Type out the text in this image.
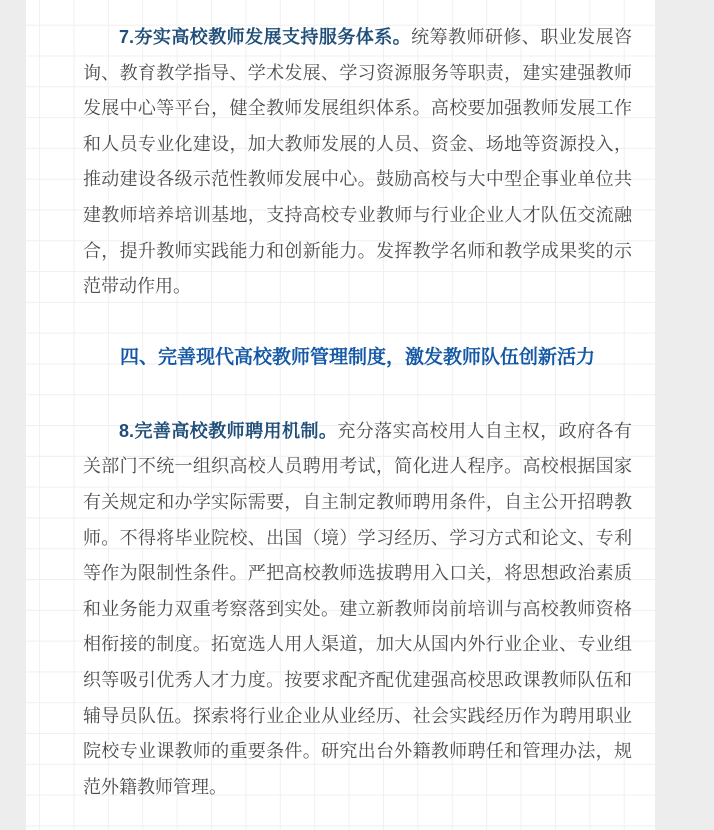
7.夯实高校教师发展支持服务体系。统筹教师研修、职业发展咨询、教育教学指导、学术发展、学习资源服务等职责，建实建强教师发展中心等平台，健全教师发展组织体系。高校要加强教师发展工作和人员专业化建设，加大教师发展的人员、资金、场地等资源投入，推动建设各级示范性教师发展中心。鼓励高校与大中型企事业单位共建教师培养培训基地，支持高校专业教师与行业企业人才队伍交流融合，提升教师实践能力和创新能力。发挥教学名师和教学成果奖的示范带动作用。

四、完善现代高校教师管理制度，激发教师队伍创新活力

8.完善高校教师聘用机制。充分落实高校用人自主权，政府各有关部门不统一组织高校人员聘用考试，简化进人程序。高校根据国家有关规定和办学实际需要，自主制定教师聘用条件，自主公开招聘教师。不得将毕业院校、出国（境）学习经历、学习方式和论文、专利等作为限制性条件。严把高校教师选拔聘用入口关，将思想政治素质和业务能力双重考察落到实处。建立新教师岗前培训与高校教师资格相衔接的制度。拓宽选人用人渠道，加大从国内外行业企业、专业组织等吸引优秀人才力度。按要求配齐配优建强高校思政课教师队伍和辅导员队伍。探索将行业企业从业经历、社会实践经历作为聘用职业院校专业课教师的重要条件。研究出台外籍教师聘任和管理办法，规范外籍教师管理。
